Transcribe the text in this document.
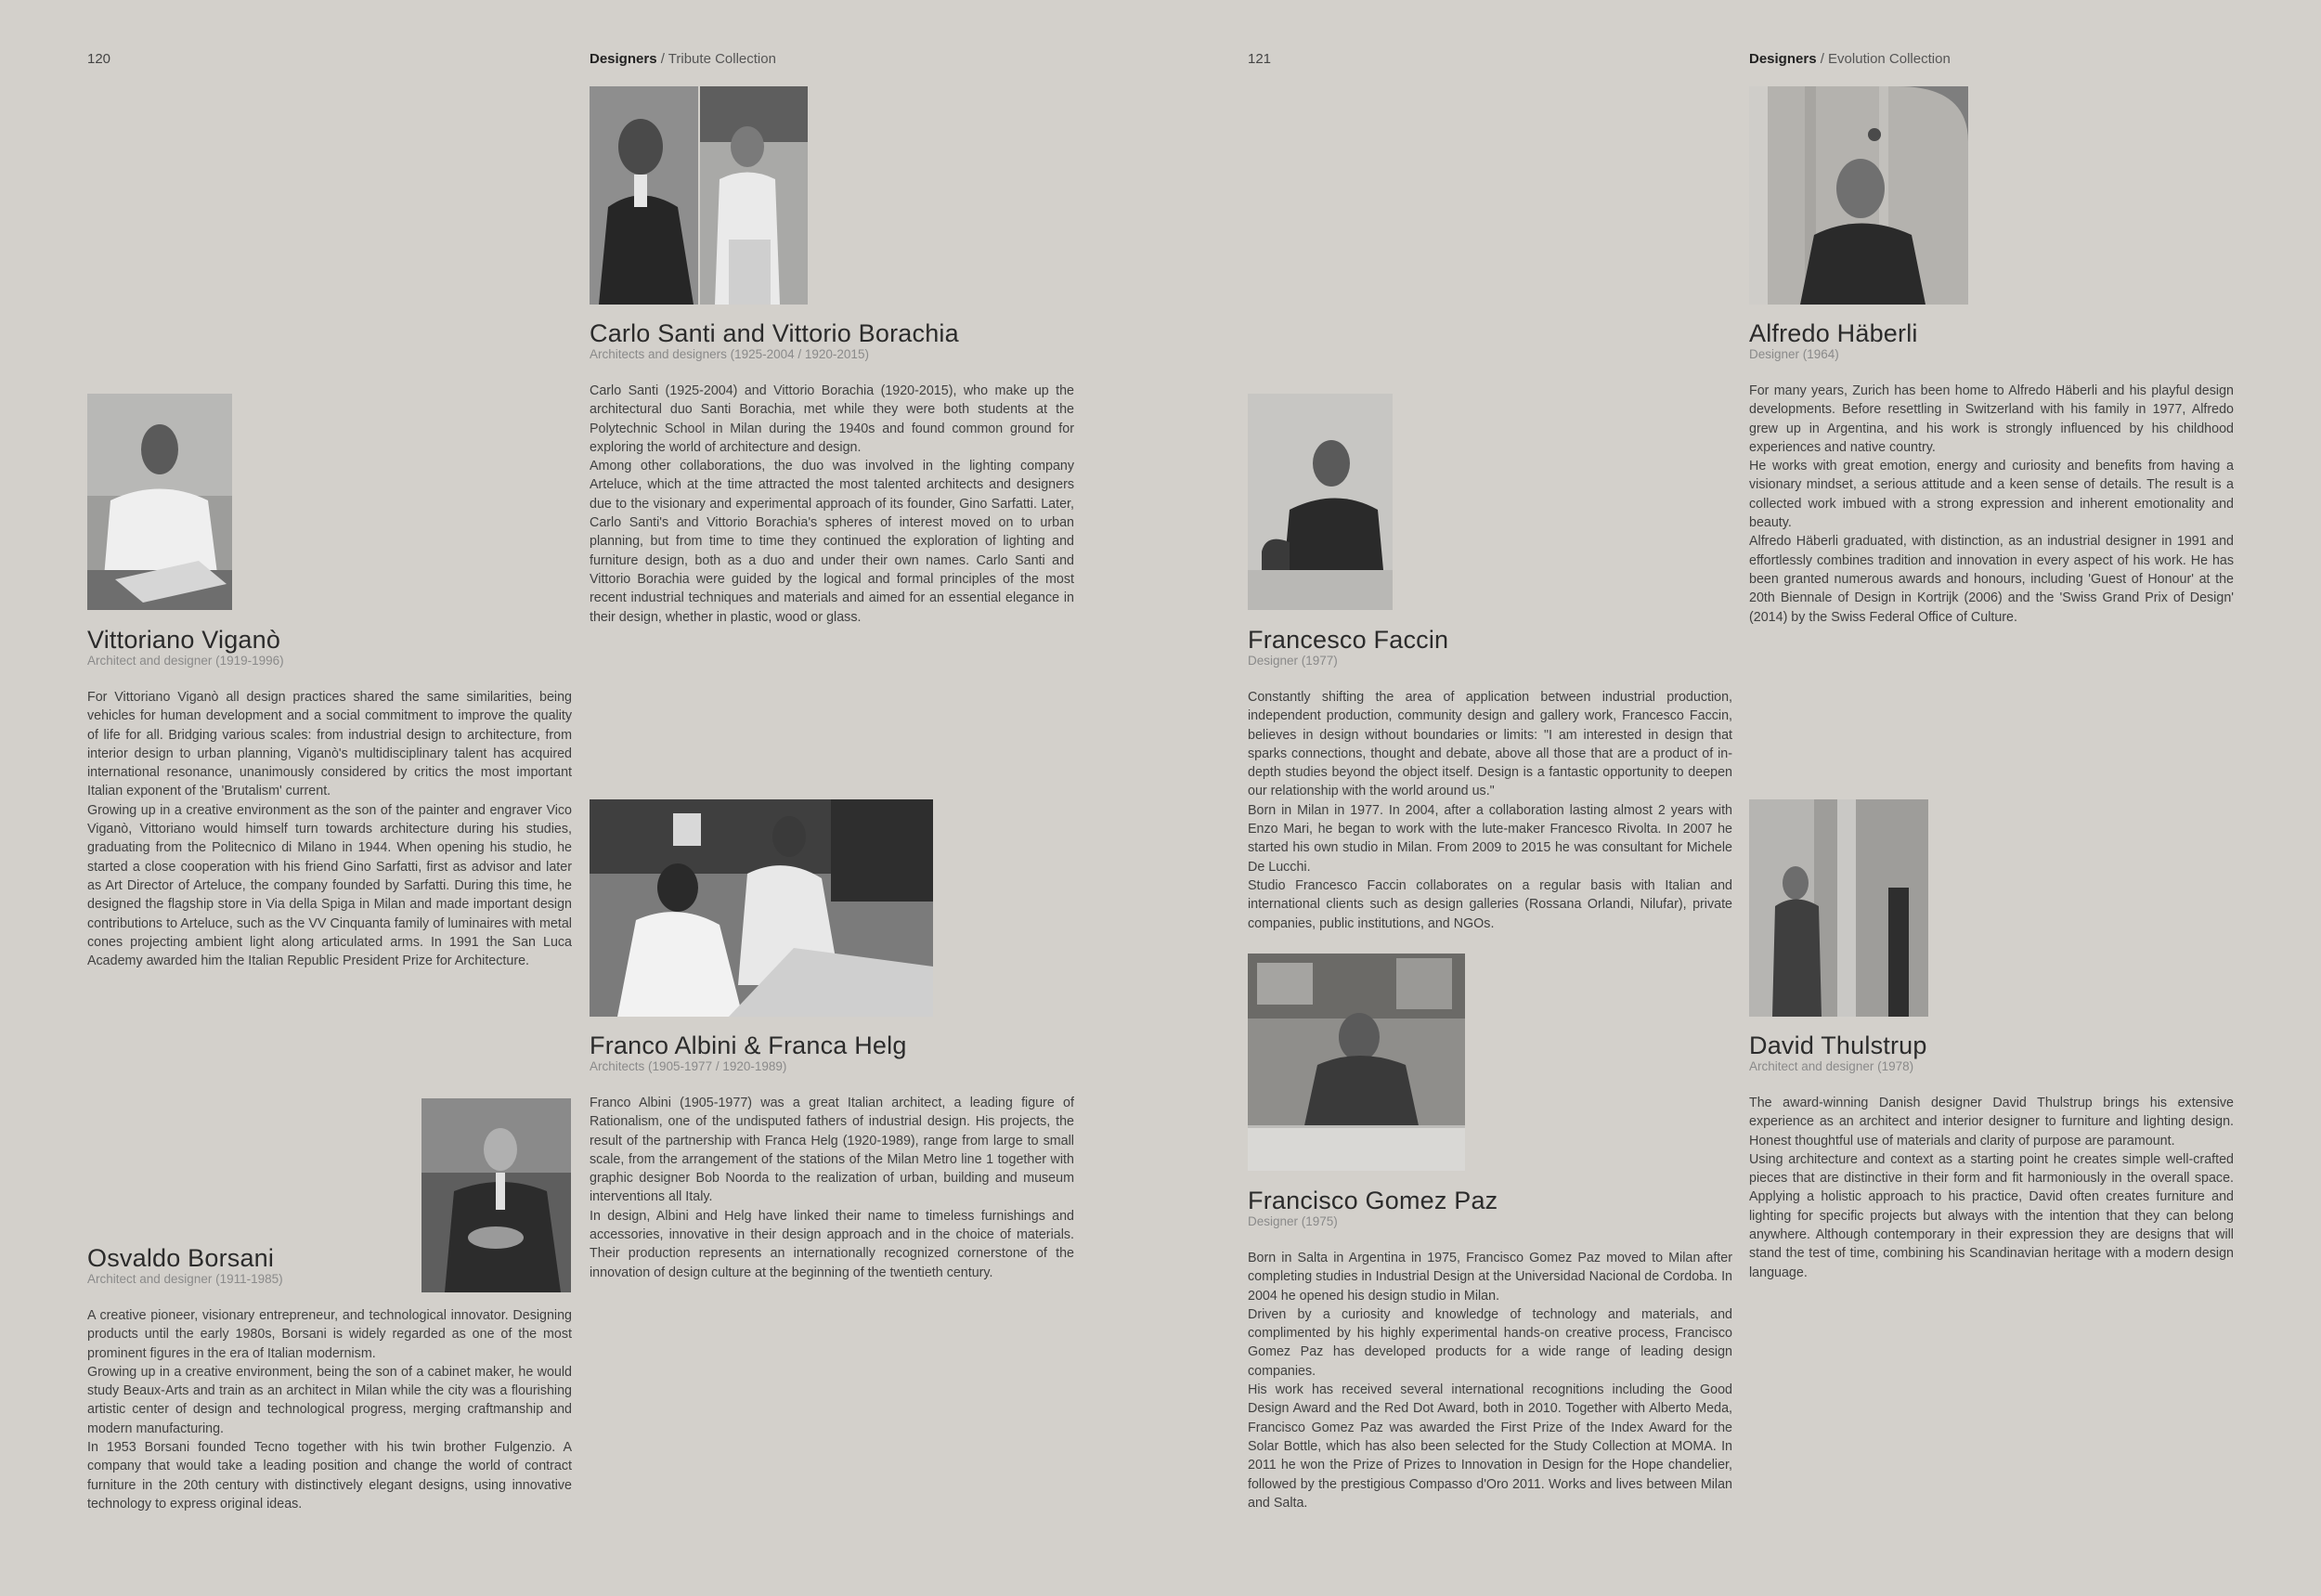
120	Designers / Tribute Collection	121	Designers / Evolution Collection
Carlo Santi and Vittorio Borachia
Architects and designers (1925-2004 / 1920-2015)

Carlo Santi (1925-2004) and Vittorio Borachia (1920-2015), who make up the architectural duo Santi Borachia, met while they were both students at the Polytechnic School in Milan during the 1940s and found common ground for exploring the world of architecture and design.

Among other collaborations, the duo was involved in the lighting company Arteluce, which at the time attracted the most talented architects and designers due to the visionary and experimental approach of its founder, Gino Sarfatti. Later, Carlo Santi's and Vittorio Borachia's spheres of interest moved on to urban planning, but from time to time they continued the exploration of lighting and furniture design, both as a duo and under their own names. Carlo Santi and Vittorio Borachia were guided by the logical and formal principles of the most recent industrial techniques and materials and aimed for an essential elegance in their design, whether in plastic, wood or glass.

Vittoriano Viganò
Architect and designer (1919-1996)

For Vittoriano Viganò all design practices shared the same similarities, being vehicles for human development and a social commitment to improve the quality of life for all. Bridging various scales: from industrial design to architecture, from interior design to urban planning, Viganò's multidisciplinary talent has acquired international resonance, unanimously considered by critics the most important Italian exponent of the 'Brutalism' current.

Growing up in a creative environment as the son of the painter and engraver Vico Viganò, Vittoriano would himself turn towards architecture during his studies, graduating from the Politecnico di Milano in 1944. When opening his studio, he started a close cooperation with his friend Gino Sarfatti, first as advisor and later as Art Director of Arteluce, the company founded by Sarfatti. During this time, he designed the flagship store in Via della Spiga in Milan and made important design contributions to Arteluce, such as the VV Cinquanta family of luminaires with metal cones projecting ambient light along articulated arms. In 1991 the San Luca Academy awarded him the Italian Republic President Prize for Architecture.

Franco Albini & Franca Helg
Architects (1905-1977 / 1920-1989)

Franco Albini (1905-1977) was a great Italian architect, a leading figure of Rationalism, one of the undisputed fathers of industrial design. His projects, the result of the partnership with Franca Helg (1920-1989), range from large to small scale, from the arrangement of the stations of the Milan Metro line 1 together with graphic designer Bob Noorda to the realization of urban, building and museum interventions all Italy.

In design, Albini and Helg have linked their name to timeless furnishings and accessories, innovative in their design approach and in the choice of materials. Their production represents an internationally recognized cornerstone of the innovation of design culture at the beginning of the twentieth century.

Osvaldo Borsani
Architect and designer (1911-1985)

A creative pioneer, visionary entrepreneur, and technological innovator. Designing products until the early 1980s, Borsani is widely regarded as one of the most prominent figures in the era of Italian modernism.

Growing up in a creative environment, being the son of a cabinet maker, he would study Beaux-Arts and train as an architect in Milan while the city was a flourishing artistic center of design and technological progress, merging craftmanship and modern manufacturing.

In 1953 Borsani founded Tecno together with his twin brother Fulgenzio. A company that would take a leading position and change the world of contract furniture in the 20th century with distinctively elegant designs, using innovative technology to express original ideas.

Alfredo Häberli
Designer (1964)

For many years, Zurich has been home to Alfredo Häberli and his playful design developments. Before resettling in Switzerland with his family in 1977, Alfredo grew up in Argentina, and his work is strongly influenced by his childhood experiences and native country.

He works with great emotion, energy and curiosity and benefits from having a visionary mindset, a serious attitude and a keen sense of details. The result is a collected work imbued with a strong expression and inherent emotionality and beauty.

Alfredo Häberli graduated, with distinction, as an industrial designer in 1991 and effortlessly combines tradition and innovation in every aspect of his work. He has been granted numerous awards and honours, including 'Guest of Honour' at the 20th Biennale of Design in Kortrijk (2006) and the 'Swiss Grand Prix of Design' (2014) by the Swiss Federal Office of Culture.

Francesco Faccin
Designer (1977)

Constantly shifting the area of application between industrial production, independent production, community design and gallery work, Francesco Faccin, believes in design without boundaries or limits: "I am interested in design that sparks connections, thought and debate, above all those that are a product of in-depth studies beyond the object itself. Design is a fantastic opportunity to deepen our relationship with the world around us."

Born in Milan in 1977. In 2004, after a collaboration lasting almost 2 years with Enzo Mari, he began to work with the lute-maker Francesco Rivolta. In 2007 he started his own studio in Milan. From 2009 to 2015 he was consultant for Michele De Lucchi.

Studio Francesco Faccin collaborates on a regular basis with Italian and international clients such as design galleries (Rossana Orlandi, Nilufar), private companies, public institutions, and NGOs.

David Thulstrup
Architect and designer (1978)

The award-winning Danish designer David Thulstrup brings his extensive experience as an architect and interior designer to furniture and lighting design. Honest thoughtful use of materials and clarity of purpose are paramount.

Using architecture and context as a starting point he creates simple well-crafted pieces that are distinctive in their form and fit harmoniously in the overall space. Applying a holistic approach to his practice, David often creates furniture and lighting for specific projects but always with the intention that they can belong anywhere. Although contemporary in their expression they are designs that will stand the test of time, combining his Scandinavian heritage with a modern design language.

Francisco Gomez Paz
Designer (1975)

Born in Salta in Argentina in 1975, Francisco Gomez Paz moved to Milan after completing studies in Industrial Design at the Universidad Nacional de Cordoba. In 2004 he opened his design studio in Milan.

Driven by a curiosity and knowledge of technology and materials, and complimented by his highly experimental hands-on creative process, Francisco Gomez Paz has developed products for a wide range of leading design companies.

His work has received several international recognitions including the Good Design Award and the Red Dot Award, both in 2010. Together with Alberto Meda, Francisco Gomez Paz was awarded the First Prize of the Index Award for the Solar Bottle, which has also been selected for the Study Collection at MOMA. In 2011 he won the Prize of Prizes to Innovation in Design for the Hope chandelier, followed by the prestigious Compasso d'Oro 2011. Works and lives between Milan and Salta.
